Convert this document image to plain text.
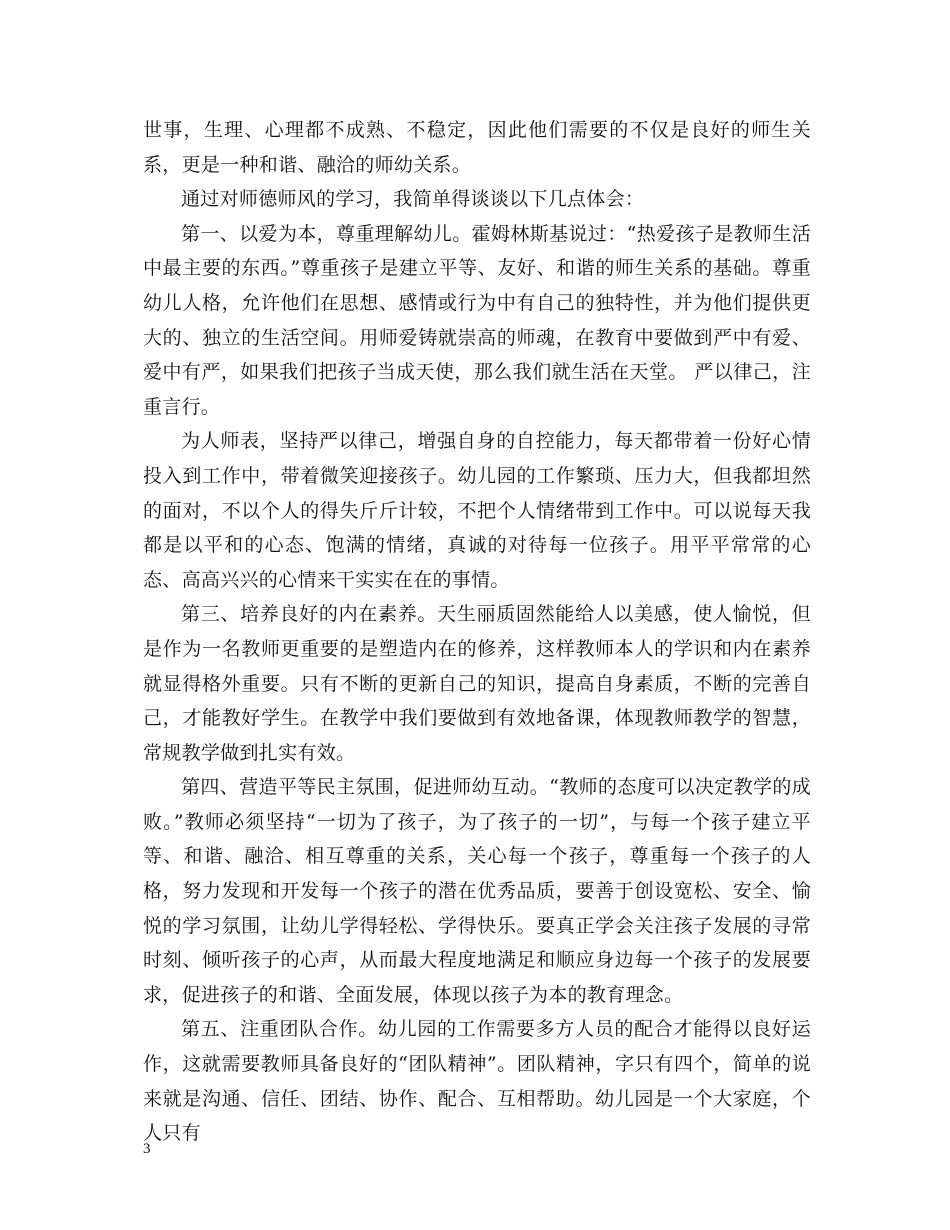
世事，生理、心理都不成熟、不稳定，因此他们需要的不仅是良好的师生关系，更是一种和谐、融洽的师幼关系。

通过对师德师风的学习，我简单得谈谈以下几点体会：

第一、以爱为本，尊重理解幼儿。霍姆林斯基说过：“热爱孩子是教师生活中最主要的东西。”尊重孩子是建立平等、友好、和谐的师生关系的基础。尊重幼儿人格，允许他们在思想、感情或行为中有自己的独特性，并为他们提供更大的、独立的生活空间。用师爱铸就崇高的师魂，在教育中要做到严中有爱、爱中有严，如果我们把孩子当成天使，那么我们就生活在天堂。 严以律己，注重言行。

为人师表，坚持严以律己，增强自身的自控能力，每天都带着一份好心情投入到工作中，带着微笑迎接孩子。幼儿园的工作繁琐、压力大，但我都坦然的面对，不以个人的得失斤斤计较，不把个人情绪带到工作中。可以说每天我都是以平和的心态、饱满的情绪，真诚的对待每一位孩子。用平平常常的心态、高高兴兴的心情来干实实在在的事情。

第三、培养良好的内在素养。天生丽质固然能给人以美感，使人愉悦，但是作为一名教师更重要的是塑造内在的修养，这样教师本人的学识和内在素养就显得格外重要。只有不断的更新自己的知识，提高自身素质，不断的完善自己，才能教好学生。在教学中我们要做到有效地备课，体现教师教学的智慧，常规教学做到扎实有效。

第四、营造平等民主氛围，促进师幼互动。“教师的态度可以决定教学的成败。”教师必须坚持“一切为了孩子，为了孩子的一切”，与每一个孩子建立平等、和谐、融洽、相互尊重的关系，关心每一个孩子，尊重每一个孩子的人格，努力发现和开发每一个孩子的潜在优秀品质，要善于创设宽松、安全、愉悦的学习氛围，让幼儿学得轻松、学得快乐。要真正学会关注孩子发展的寻常时刻、倾听孩子的心声，从而最大程度地满足和顺应身边每一个孩子的发展要求，促进孩子的和谐、全面发展，体现以孩子为本的教育理念。

第五、注重团队合作。幼儿园的工作需要多方人员的配合才能得以良好运作，这就需要教师具备良好的“团队精神”。团队精神，字只有四个，简单的说来就是沟通、信任、团结、协作、配合、互相帮助。幼儿园是一个大家庭，个人只有

3
